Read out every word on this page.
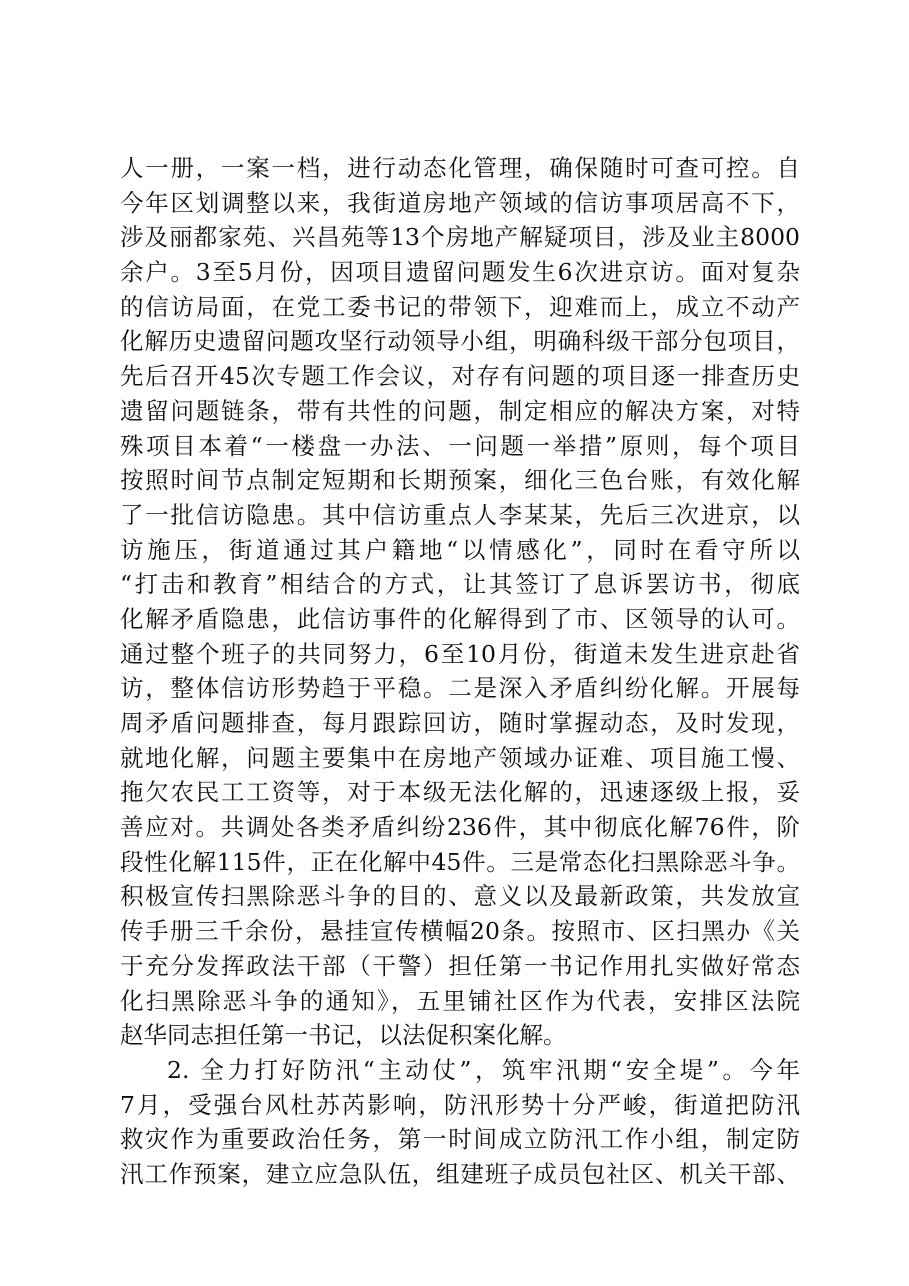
人一册，一案一档，进行动态化管理，确保随时可查可控。自
今年区划调整以来，我街道房地产领域的信访事项居高不下，
涉及丽都家苑、兴昌苑等13个房地产解疑项目，涉及业主8000
余户。3至5月份，因项目遗留问题发生6次进京访。面对复杂
的信访局面，在党工委书记的带领下，迎难而上，成立不动产
化解历史遗留问题攻坚行动领导小组，明确科级干部分包项目，
先后召开45次专题工作会议，对存有问题的项目逐一排查历史
遗留问题链条，带有共性的问题，制定相应的解决方案，对特
殊项目本着“一楼盘一办法、一问题一举措”原则，每个项目
按照时间节点制定短期和长期预案，细化三色台账，有效化解
了一批信访隐患。其中信访重点人李某某，先后三次进京，以
访施压，街道通过其户籍地“以情感化”，同时在看守所以
“打击和教育”相结合的方式，让其签订了息诉罢访书，彻底
化解矛盾隐患，此信访事件的化解得到了市、区领导的认可。
通过整个班子的共同努力，6至10月份，街道未发生进京赴省
访，整体信访形势趋于平稳。二是深入矛盾纠纷化解。开展每
周矛盾问题排查，每月跟踪回访，随时掌握动态，及时发现，
就地化解，问题主要集中在房地产领域办证难、项目施工慢、
拖欠农民工工资等，对于本级无法化解的，迅速逐级上报，妥
善应对。共调处各类矛盾纠纷236件，其中彻底化解76件，阶
段性化解115件，正在化解中45件。三是常态化扫黑除恶斗争。
积极宣传扫黑除恶斗争的目的、意义以及最新政策，共发放宣
传手册三千余份，悬挂宣传横幅20条。按照市、区扫黑办《关
于充分发挥政法干部（干警）担任第一书记作用扎实做好常态
化扫黑除恶斗争的通知》，五里铺社区作为代表，安排区法院
赵华同志担任第一书记，以法促积案化解。
2. 全力打好防汛“主动仗”，筑牢汛期“安全堤”。今年
7月，受强台风杜苏芮影响，防汛形势十分严峻，街道把防汛
救灾作为重要政治任务，第一时间成立防汛工作小组，制定防
汛工作预案，建立应急队伍，组建班子成员包社区、机关干部、
